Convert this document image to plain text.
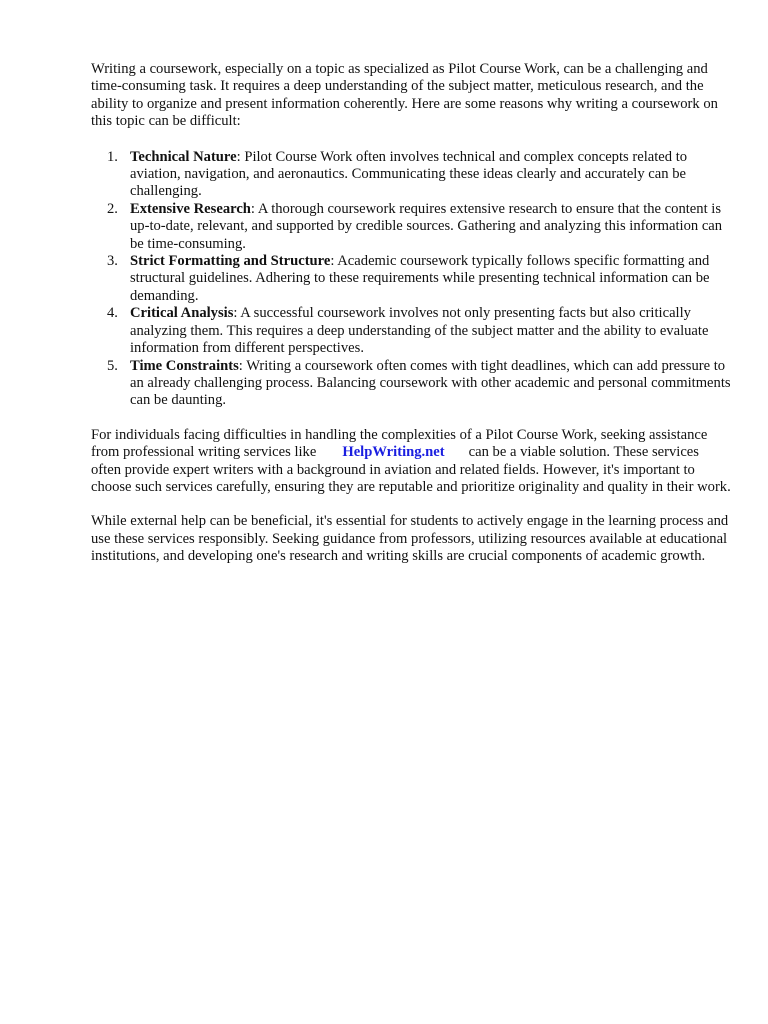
Writing a coursework, especially on a topic as specialized as Pilot Course Work, can be a challenging and time-consuming task. It requires a deep understanding of the subject matter, meticulous research, and the ability to organize and present information coherently. Here are some reasons why writing a coursework on this topic can be difficult:

1. Technical Nature: Pilot Course Work often involves technical and complex concepts related to aviation, navigation, and aeronautics. Communicating these ideas clearly and accurately can be challenging.
2. Extensive Research: A thorough coursework requires extensive research to ensure that the content is up-to-date, relevant, and supported by credible sources. Gathering and analyzing this information can be time-consuming.
3. Strict Formatting and Structure: Academic coursework typically follows specific formatting and structural guidelines. Adhering to these requirements while presenting technical information can be demanding.
4. Critical Analysis: A successful coursework involves not only presenting facts but also critically analyzing them. This requires a deep understanding of the subject matter and the ability to evaluate information from different perspectives.
5. Time Constraints: Writing a coursework often comes with tight deadlines, which can add pressure to an already challenging process. Balancing coursework with other academic and personal commitments can be daunting.

For individuals facing difficulties in handling the complexities of a Pilot Course Work, seeking assistance from professional writing services like HelpWriting.net can be a viable solution. These services often provide expert writers with a background in aviation and related fields. However, it's important to choose such services carefully, ensuring they are reputable and prioritize originality and quality in their work.

While external help can be beneficial, it's essential for students to actively engage in the learning process and use these services responsibly. Seeking guidance from professors, utilizing resources available at educational institutions, and developing one's research and writing skills are crucial components of academic growth.
